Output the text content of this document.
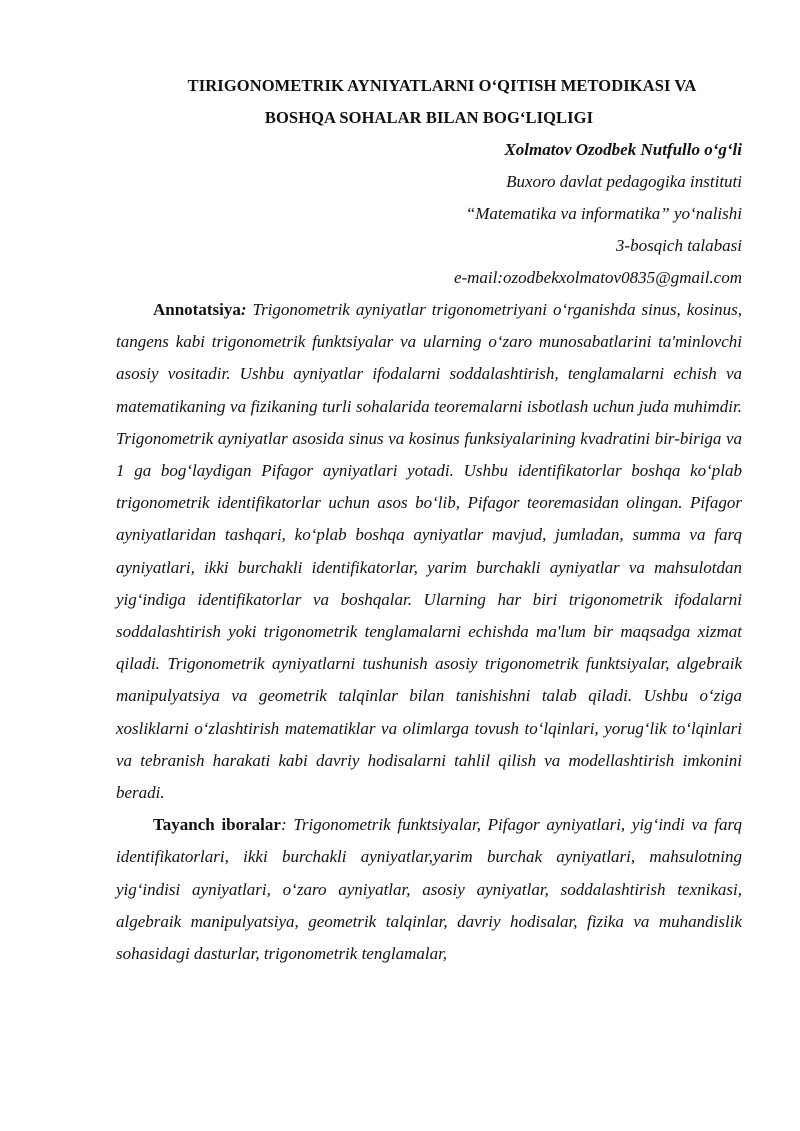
TIRIGONOMETRIK AYNIYATLARNI O‘QITISH METODIKASI VA
BOSHQA SOHALAR BILAN BOG‘LIQLIGI
Xolmatov Ozodbek Nutfullo o‘g‘li
Buxoro davlat pedagogika instituti
“Matematika va informatika” yo‘nalishi
3-bosqich talabasi
e-mail:ozodbekxolmatov0835@gmail.com

Annotatsiya: Trigonometrik ayniyatlar trigonometriyani o‘rganishda sinus, kosinus, tangens kabi trigonometrik funktsiyalar va ularning o‘zaro munosabatlarini ta'minlovchi asosiy vositadir. Ushbu ayniyatlar ifodalarni soddalashtirish, tenglamalarni echish va matematikaning va fizikaning turli sohalarida teoremalarni isbotlash uchun juda muhimdir. Trigonometrik ayniyatlar asosida sinus va kosinus funksiyalarining kvadratini bir-biriga va 1 ga bog‘laydigan Pifagor ayniyatlari yotadi. Ushbu identifikatorlar boshqa ko‘plab trigonometrik identifikatorlar uchun asos bo‘lib, Pifagor teoremasidan olingan. Pifagor ayniyatlaridan tashqari, ko‘plab boshqa ayniyatlar mavjud, jumladan, summa va farq ayniyatlari, ikki burchakli identifikatorlar, yarim burchakli ayniyatlar va mahsulotdan yig‘indiga identifikatorlar va boshqalar. Ularning har biri trigonometrik ifodalarni soddalashtirish yoki trigonometrik tenglamalarni echishda ma'lum bir maqsadga xizmat qiladi. Trigonometrik ayniyatlarni tushunish asosiy trigonometrik funktsiyalar, algebraik manipulyatsiya va geometrik talqinlar bilan tanishishni talab qiladi. Ushbu o‘ziga xosliklarni o‘zlashtirish matematiklar va olimlarga tovush to‘lqinlari, yorug‘lik to‘lqinlari va tebranish harakati kabi davriy hodisalarni tahlil qilish va modellashtirish imkonini beradi.

Tayanch iboralar: Trigonometrik funktsiyalar, Pifagor ayniyatlari, yig‘indi va farq identifikatorlari, ikki burchakli ayniyatlar,yarim burchak ayniyatlari, mahsulotning yig‘indisi ayniyatlari, o‘zaro ayniyatlar, asosiy ayniyatlar, soddalashtirish texnikasi, algebraik manipulyatsiya, geometrik talqinlar, davriy hodisalar, fizika va muhandislik sohasidagi dasturlar, trigonometrik tenglamalar,
